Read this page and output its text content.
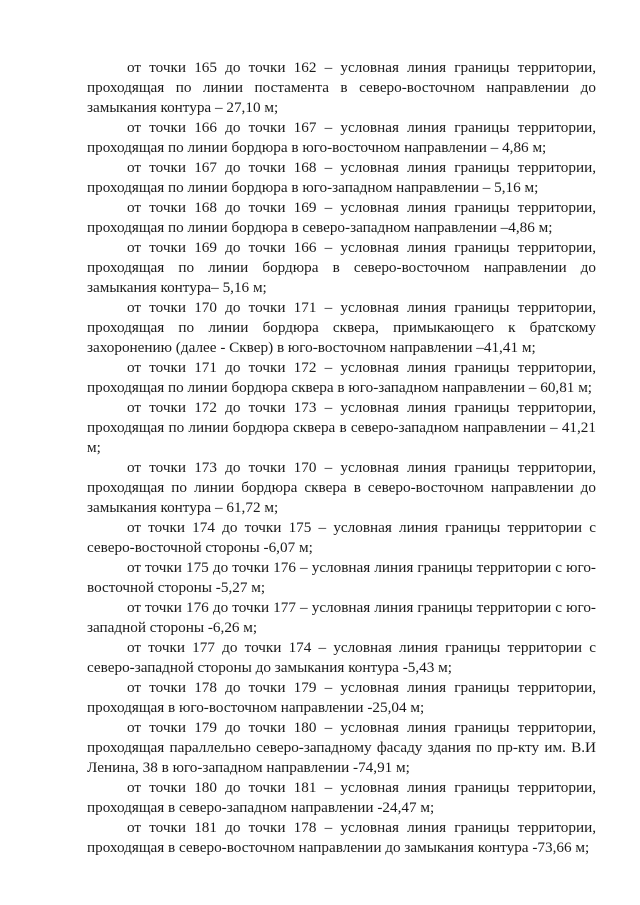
от точки 165 до точки 162 – условная линия границы территории, проходящая по линии постамента в северо-восточном направлении до замыкания контура – 27,10 м;

от точки 166 до точки 167 – условная линия границы территории, проходящая по линии бордюра в юго-восточном направлении – 4,86 м;

от точки 167 до точки 168 – условная линия границы территории, проходящая по линии бордюра в юго-западном направлении – 5,16 м;

от точки 168 до точки 169 – условная линия границы территории, проходящая по линии бордюра в северо-западном направлении –4,86 м;

от точки 169 до точки 166 – условная линия границы территории, проходящая по линии бордюра в северо-восточном направлении до замыкания контура– 5,16 м;

от точки 170 до точки 171 – условная линия границы территории, проходящая по линии бордюра сквера, примыкающего к братскому захоронению (далее - Сквер) в юго-восточном направлении –41,41 м;

от точки 171 до точки 172 – условная линия границы территории, проходящая по линии бордюра сквера в юго-западном направлении – 60,81 м;

от точки 172 до точки 173 – условная линия границы территории, проходящая по линии бордюра сквера в северо-западном направлении – 41,21 м;

от точки 173 до точки 170 – условная линия границы территории, проходящая по линии бордюра сквера в северо-восточном направлении до замыкания контура – 61,72 м;

от точки 174 до точки 175 – условная линия границы территории с северо-восточной стороны -6,07 м;

от точки 175 до точки 176 – условная линия границы территории с юго-восточной стороны -5,27 м;

от точки 176 до точки 177 – условная линия границы территории с юго-западной стороны -6,26 м;

от точки 177 до точки 174 – условная линия границы территории с северо-западной стороны до замыкания контура -5,43 м;

от точки 178 до точки 179 – условная линия границы территории, проходящая в юго-восточном направлении -25,04 м;

от точки 179 до точки 180 – условная линия границы территории, проходящая параллельно северо-западному фасаду здания по пр-кту им. В.И Ленина, 38 в юго-западном направлении -74,91 м;

от точки 180 до точки 181 – условная линия границы территории, проходящая в северо-западном направлении -24,47 м;

от точки 181 до точки 178 – условная линия границы территории, проходящая в северо-восточном направлении до замыкания контура -73,66 м;
